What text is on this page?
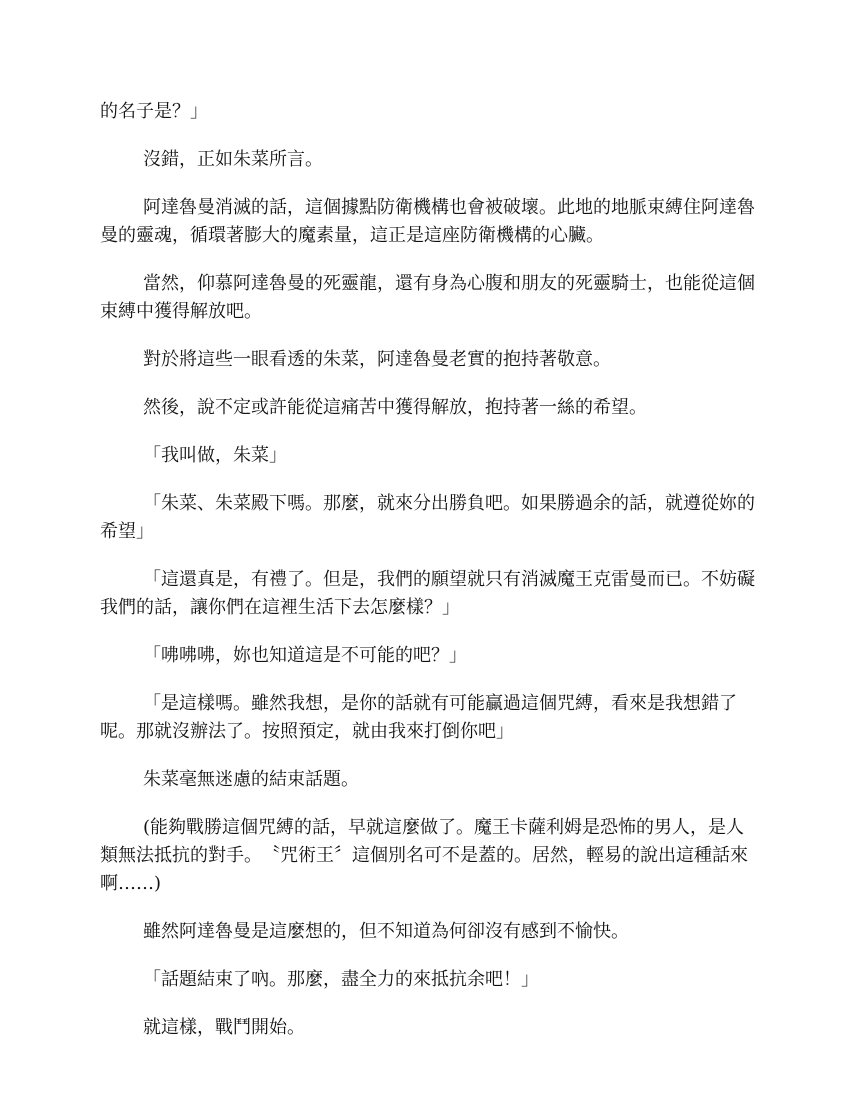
的名子是？」

沒錯，正如朱菜所言。

阿達魯曼消滅的話，這個據點防衛機構也會被破壞。此地的地脈束縛住阿達魯曼的靈魂，循環著膨大的魔素量，這正是這座防衛機構的心臟。

當然，仰慕阿達魯曼的死靈龍，還有身為心腹和朋友的死靈騎士，也能從這個束縛中獲得解放吧。

對於將這些一眼看透的朱菜，阿達魯曼老實的抱持著敬意。

然後，說不定或許能從這痛苦中獲得解放，抱持著一絲的希望。

「我叫做，朱菜」

「朱菜、朱菜殿下嗎。那麼，就來分出勝負吧。如果勝過余的話，就遵從妳的希望」

「這還真是，有禮了。但是，我們的願望就只有消滅魔王克雷曼而已。不妨礙我們的話，讓你們在這裡生活下去怎麼樣？」

「咈咈咈，妳也知道這是不可能的吧？」

「是這樣嗎。雖然我想，是你的話就有可能贏過這個咒縛，看來是我想錯了呢。那就沒辦法了。按照預定，就由我來打倒你吧」

朱菜毫無迷慮的結束話題。

(能夠戰勝這個咒縛的話，早就這麼做了。魔王卡薩利姆是恐怖的男人，是人類無法抵抗的對手。　〝咒術王〞這個別名可不是蓋的。居然，輕易的說出這種話來啊……)

雖然阿達魯曼是這麼想的，但不知道為何卻沒有感到不愉快。

「話題結束了吶。那麼，盡全力的來抵抗余吧！」

就這樣，戰鬥開始。
